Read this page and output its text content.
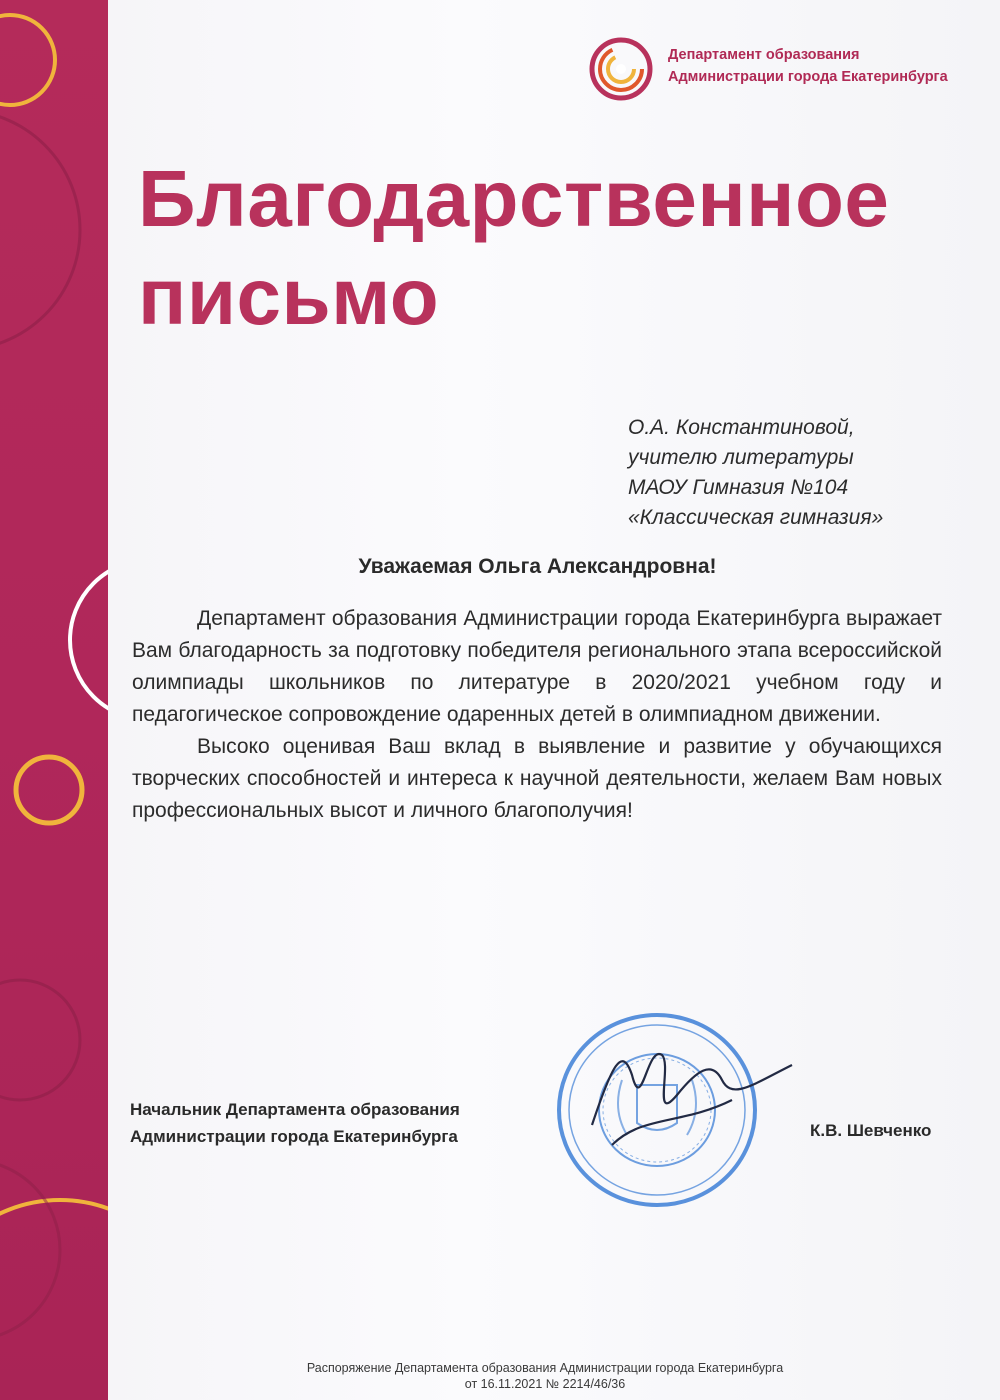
Департамент образования
Администрации города Екатеринбурга
Благодарственное
письмо
О.А. Константиновой,
учителю литературы
МАОУ Гимназия №104
«Классическая гимназия»
Уважаемая Ольга Александровна!

Департамент образования Администрации города Екатеринбурга выражает Вам благодарность за подготовку победителя регионального этапа всероссийской олимпиады школьников по литературе в 2020/2021 учебном году и педагогическое сопровождение одаренных детей в олимпиадном движении.

Высоко оценивая Ваш вклад в выявление и развитие у обучающихся творческих способностей и интереса к научной деятельности, желаем Вам новых профессиональных высот и личного благополучия!

Начальник Департамента образования
Администрации города Екатеринбурга	К.В. Шевченко
Распоряжение Департамента образования Администрации города Екатеринбурга
от 16.11.2021 № 2214/46/36
